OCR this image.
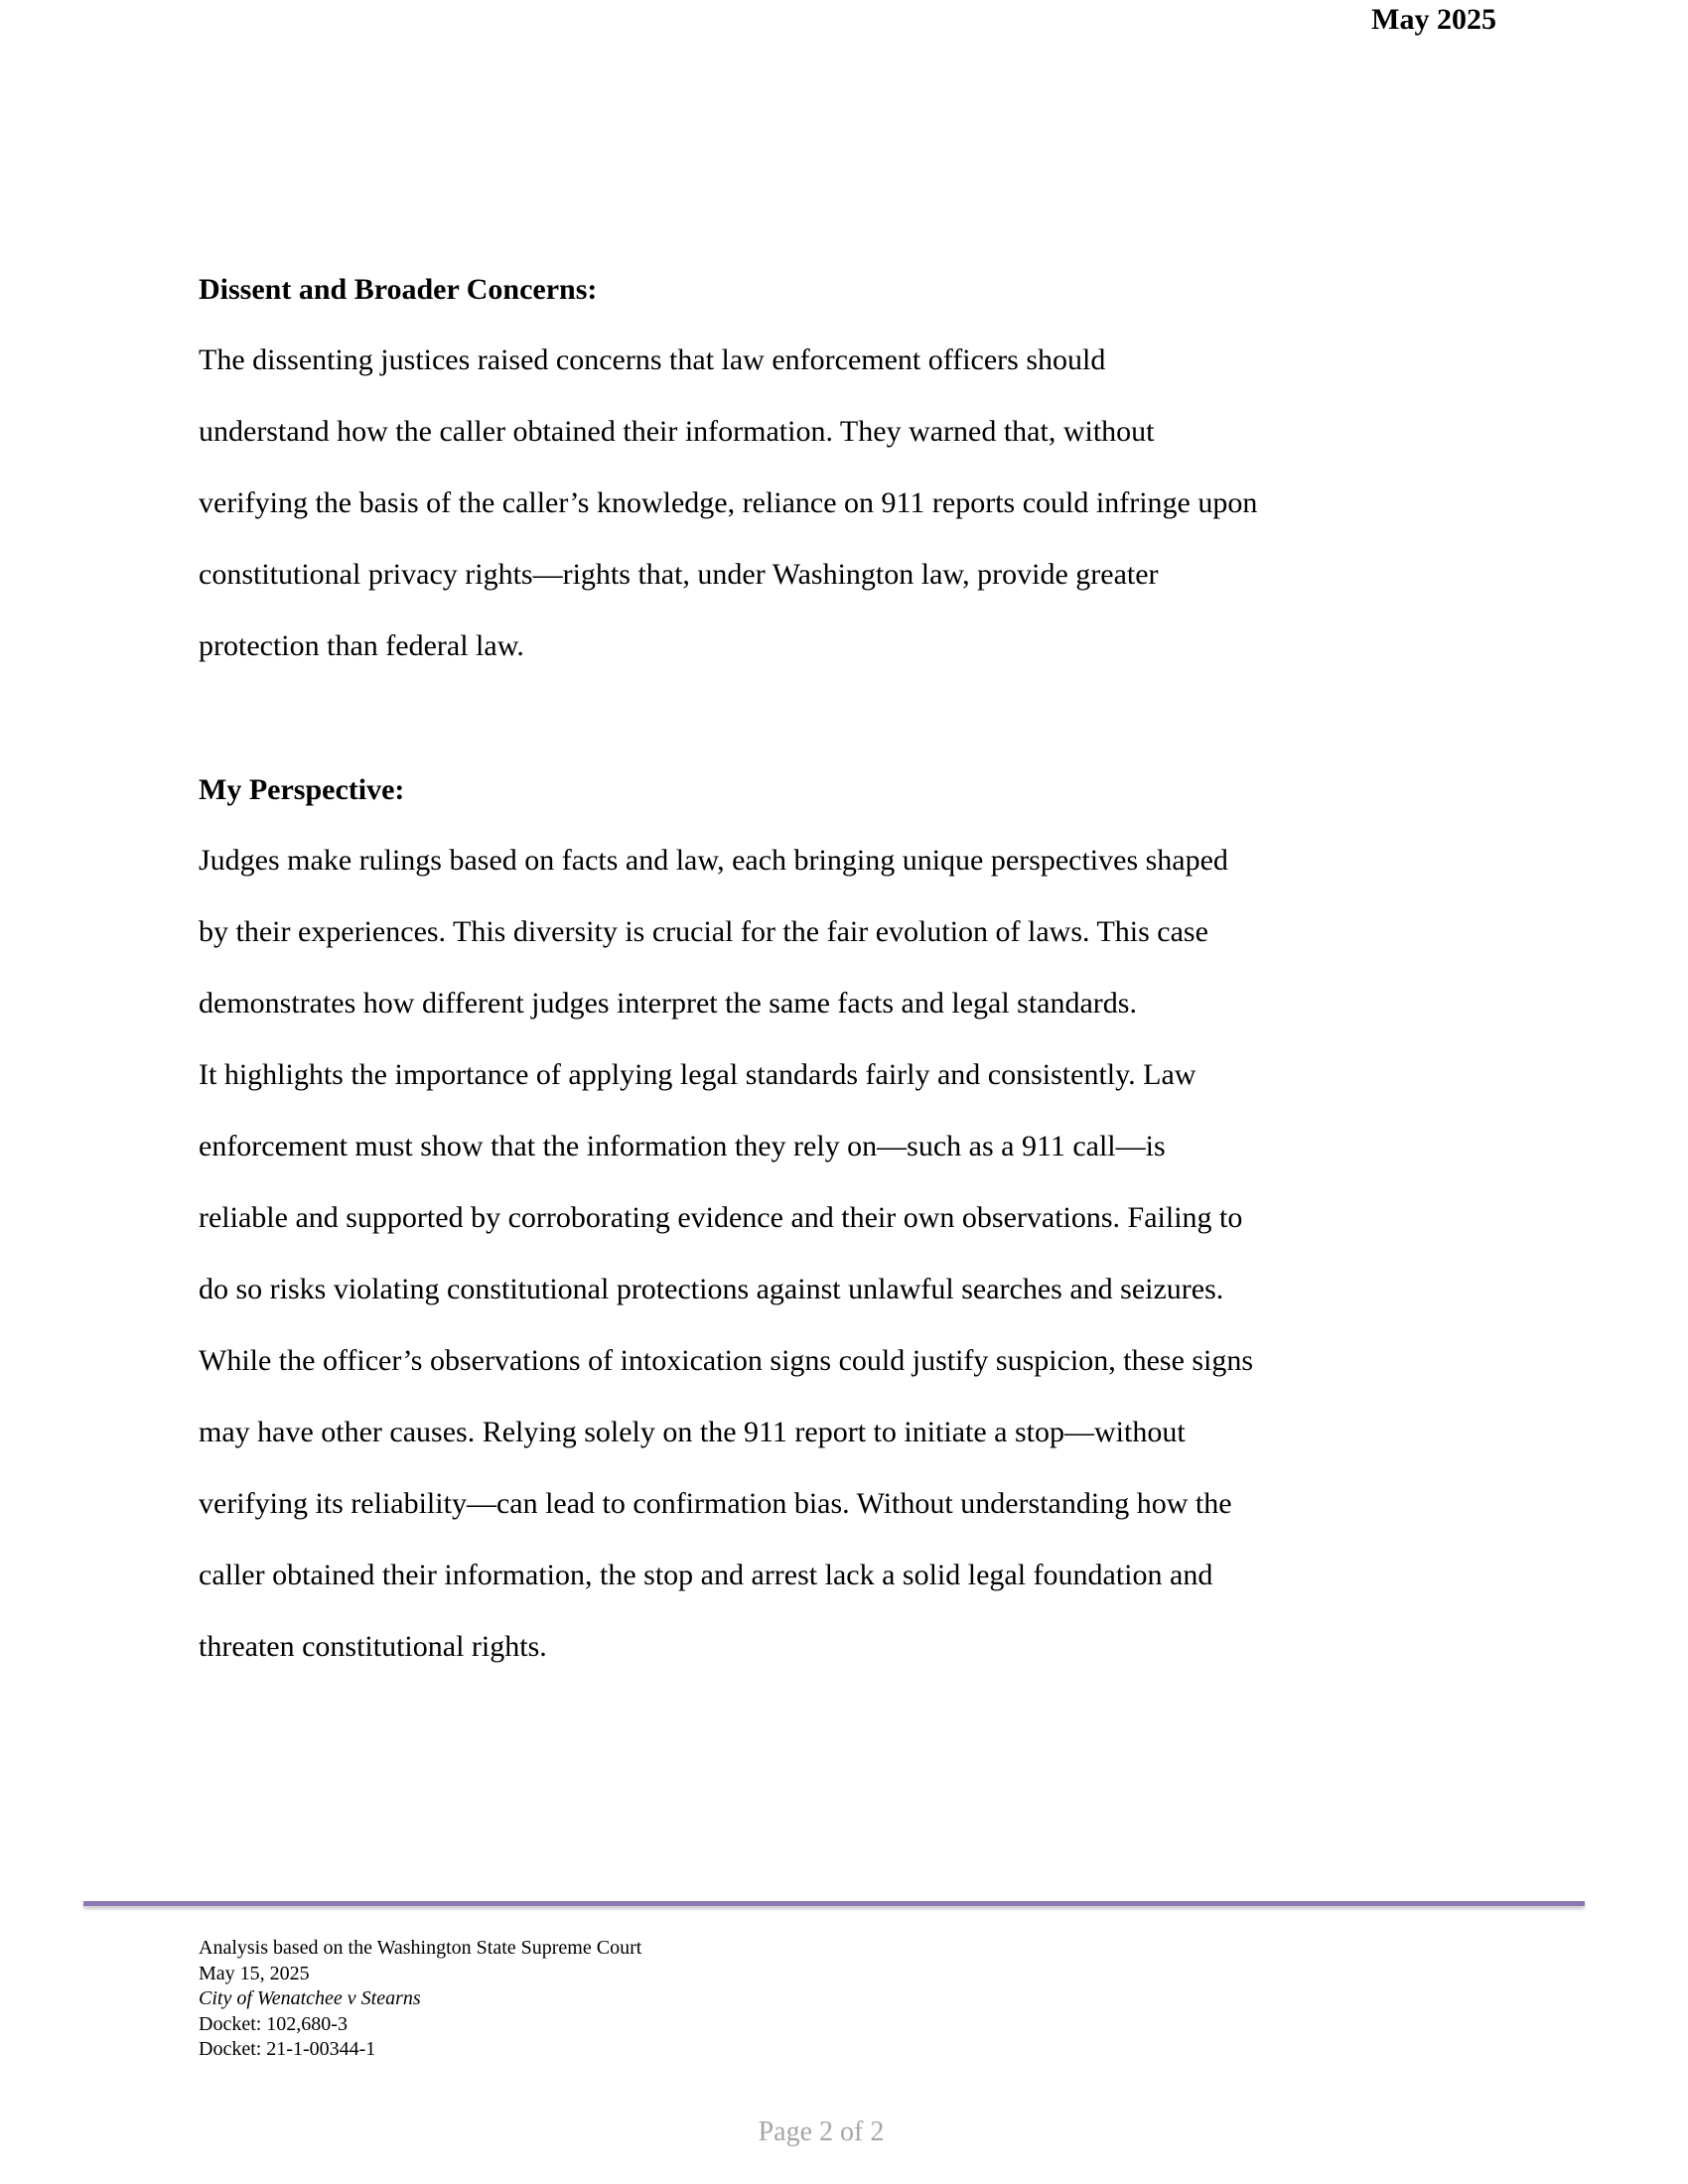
May 2025

Dissent and Broader Concerns:

The dissenting justices raised concerns that law enforcement officers should

understand how the caller obtained their information. They warned that, without

verifying the basis of the caller’s knowledge, reliance on 911 reports could infringe upon

constitutional privacy rights—rights that, under Washington law, provide greater

protection than federal law.

My Perspective:

Judges make rulings based on facts and law, each bringing unique perspectives shaped

by their experiences. This diversity is crucial for the fair evolution of laws. This case

demonstrates how different judges interpret the same facts and legal standards.

It highlights the importance of applying legal standards fairly and consistently. Law

enforcement must show that the information they rely on—such as a 911 call—is

reliable and supported by corroborating evidence and their own observations. Failing to

do so risks violating constitutional protections against unlawful searches and seizures.

While the officer’s observations of intoxication signs could justify suspicion, these signs

may have other causes. Relying solely on the 911 report to initiate a stop—without

verifying its reliability—can lead to confirmation bias. Without understanding how the

caller obtained their information, the stop and arrest lack a solid legal foundation and

threaten constitutional rights.

Analysis based on the Washington State Supreme Court

May 15, 2025

City of Wenatchee v Stearns

Docket: 102,680-3

Docket: 21-1-00344-1

Page 2 of 2
